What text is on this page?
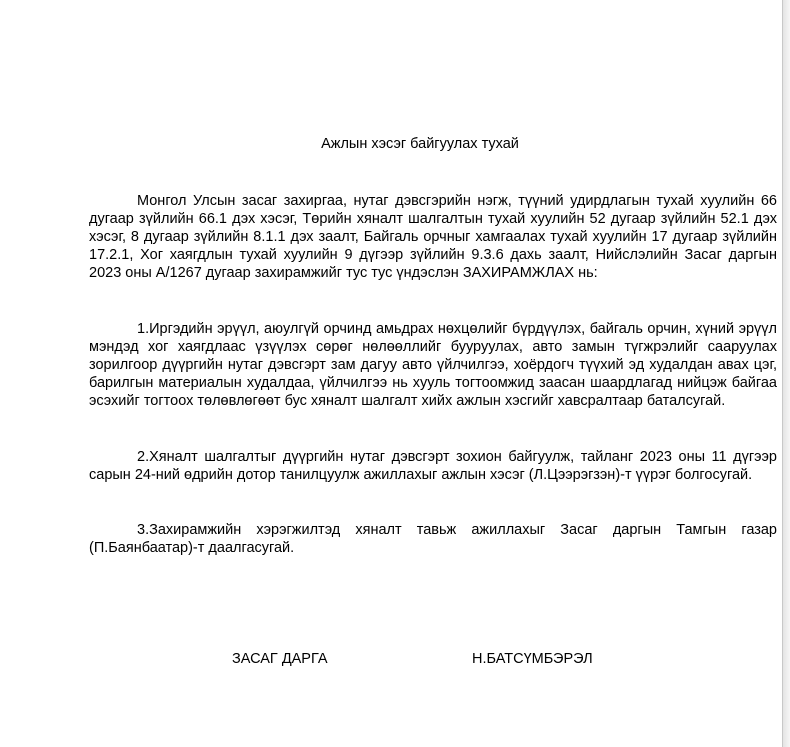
Ажлын хэсэг байгуулах тухай

Монгол Улсын засаг захиргаа, нутаг дэвсгэрийн нэгж, түүний удирдлагын тухай хуулийн 66 дугаар зүйлийн 66.1 дэх хэсэг, Төрийн хяналт шалгалтын тухай хуулийн 52 дугаар зүйлийн 52.1 дэх хэсэг, 8 дугаар зүйлийн 8.1.1 дэх заалт, Байгаль орчныг хамгаалах тухай хуулийн 17 дугаар зүйлийн 17.2.1, Хог хаягдлын тухай хуулийн 9 дүгээр зүйлийн 9.3.6 дахь заалт, Нийслэлийн Засаг даргын 2023 оны А/1267 дугаар захирамжийг тус тус үндэслэн ЗАХИРАМЖЛАХ нь:

1.Иргэдийн эрүүл, аюулгүй орчинд амьдрах нөхцөлийг бүрдүүлэх, байгаль орчин, хүний эрүүл мэндэд хог хаягдлаас үзүүлэх сөрөг нөлөөллийг бууруулах, авто замын түгжрэлийг сааруулах зорилгоор дүүргийн нутаг дэвсгэрт зам дагуу авто үйлчилгээ, хоёрдогч түүхий эд худалдан авах цэг, барилгын материалын худалдаа, үйлчилгээ нь хууль тогтоомжид заасан шаардлагад нийцэж байгаа эсэхийг тогтоох төлөвлөгөөт бус хяналт шалгалт хийх ажлын хэсгийг хавсралтаар баталсугай.

2.Хяналт шалгалтыг дүүргийн нутаг дэвсгэрт зохион байгуулж, тайланг 2023 оны 11 дүгээр сарын 24-ний өдрийн дотор танилцуулж ажиллахыг ажлын хэсэг (Л.Цээрэгзэн)-т үүрэг болгосугай.

3.Захирамжийн хэрэгжилтэд хяналт тавьж ажиллахыг Засаг даргын Тамгын газар (П.Баянбаатар)-т даалгасугай.

ЗАСАГ ДАРГА	Н.БАТСҮМБЭРЭЛ
